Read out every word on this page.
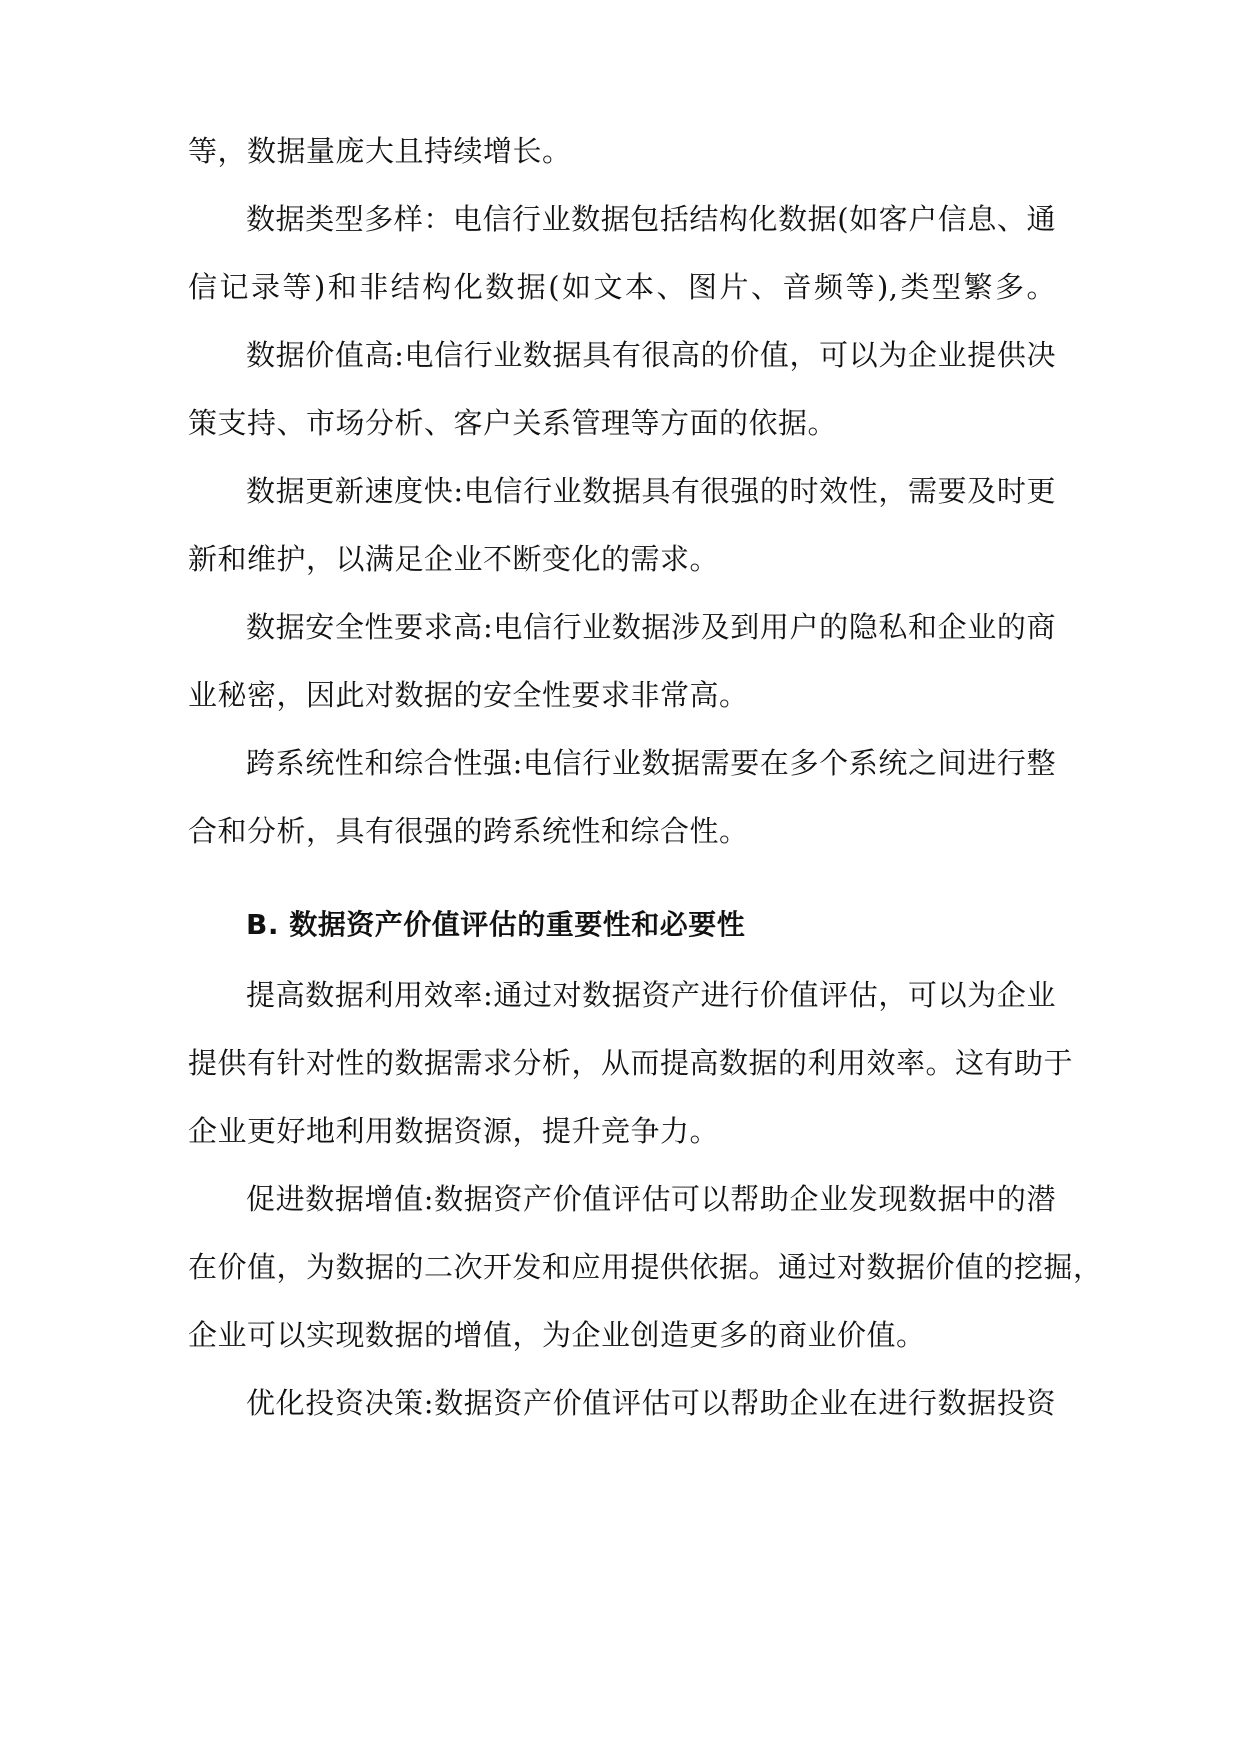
等，数据量庞大且持续增长。
数据类型多样：电信行业数据包括结构化数据(如客户信息、通
信记录等)和非结构化数据(如文本、图片、音频等),类型繁多。
数据价值高:电信行业数据具有很高的价值，可以为企业提供决
策支持、市场分析、客户关系管理等方面的依据。
数据更新速度快:电信行业数据具有很强的时效性，需要及时更
新和维护，以满足企业不断变化的需求。
数据安全性要求高:电信行业数据涉及到用户的隐私和企业的商
业秘密，因此对数据的安全性要求非常高。
跨系统性和综合性强:电信行业数据需要在多个系统之间进行整
合和分析，具有很强的跨系统性和综合性。
B. 数据资产价值评估的重要性和必要性
提高数据利用效率:通过对数据资产进行价值评估，可以为企业
提供有针对性的数据需求分析，从而提高数据的利用效率。这有助于
企业更好地利用数据资源，提升竞争力。
促进数据增值:数据资产价值评估可以帮助企业发现数据中的潜
在价值，为数据的二次开发和应用提供依据。通过对数据价值的挖掘，
企业可以实现数据的增值，为企业创造更多的商业价值。
优化投资决策:数据资产价值评估可以帮助企业在进行数据投资
